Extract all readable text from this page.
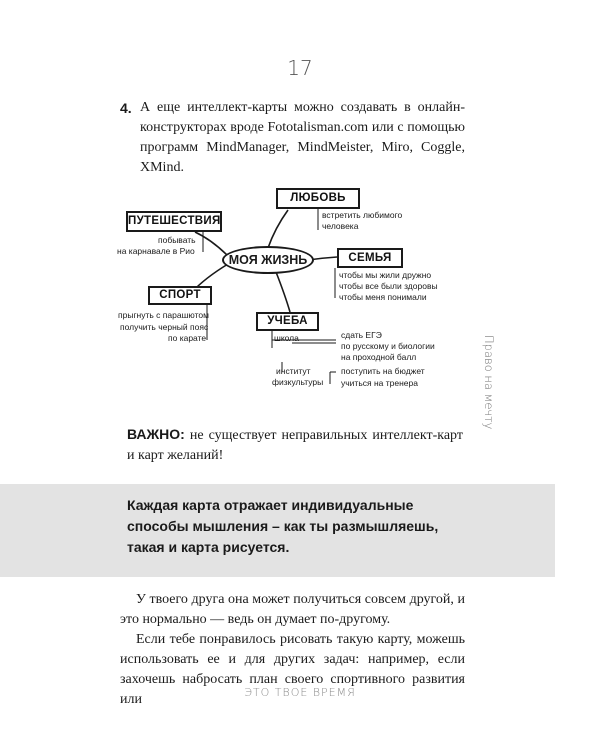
17
4. А еще интеллект-карты можно создавать в онлайн-конструкторах вроде Fototalisman.com или с помощью программ MindManager, MindMeister, Miro, Coggle, XMind.
ЛЮБОВЬ
встретить любимого
человека
ПУТЕШЕСТВИЯ
побывать
на карнавале в Рио
МОЯ ЖИЗНЬ	СЕМЬЯ
чтобы мы жили дружно
чтобы все были здоровы
чтобы меня понимали
СПОРТ
прыгнуть с парашютом
получить черный пояс
по карате
УЧЕБА
школа	сдать ЕГЭ
по русскому и биологии
на проходной балл
институт
физкультуры
поступить на бюджет
учиться на тренера
ВАЖНО: не существует неправильных интеллект-карт и карт желаний!
Каждая карта отражает индивидуальные способы мышления – как ты размышляешь, такая и карта рисуется.

У твоего друга она может получиться совсем другой, и это нормально — ведь он думает по-другому.

Если тебе понравилось рисовать такую карту, можешь использовать ее и для других задач: например, если захочешь набросать план своего спортивного развития или

Право на мечту
ЭТО ТВОЕ ВРЕМЯ
